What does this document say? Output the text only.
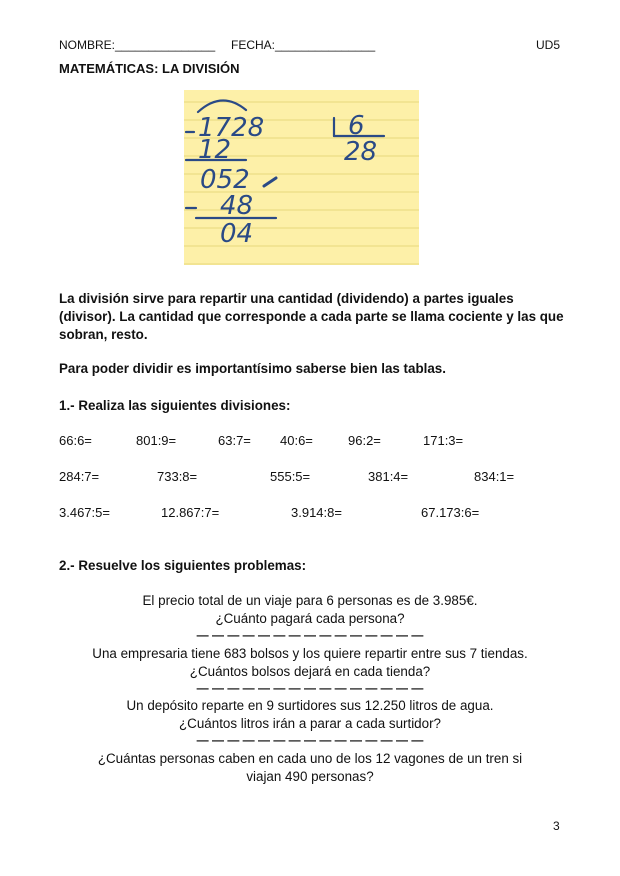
NOMBRE:_______________ FECHA:_______________	UD5
MATEMÁTICAS: LA DIVISIÓN
1728	6
28
12
052
48
04
La división sirve para repartir una cantidad (dividendo) a partes iguales (divisor). La cantidad que corresponde a cada parte se llama cociente y las que sobran, resto.
Para poder dividir es importantísimo saberse bien las tablas.
1.- Realiza las siguientes divisiones:
66:6=	801:9=	63:7= 40:6=	96:2=	171:3=
284:7=	733:8=	555:5=	381:4=	834:1=
3.467:5=	12.867:7=	3.914:8=	67.173:6=
2.- Resuelve los siguientes problemas:
El precio total de un viaje para 6 personas es de 3.985€.
¿Cuánto pagará cada persona?
— — — — — — — — — — — — — — —
Una empresaria tiene 683 bolsos y los quiere repartir entre sus 7 tiendas.
¿Cuántos bolsos dejará en cada tienda?
— — — — — — — — — — — — — — —
Un depósito reparte en 9 surtidores sus 12.250 litros de agua.
¿Cuántos litros irán a parar a cada surtidor?
— — — — — — — — — — — — — — —
¿Cuántas personas caben en cada uno de los 12 vagones de un tren si
viajan 490 personas?
3
